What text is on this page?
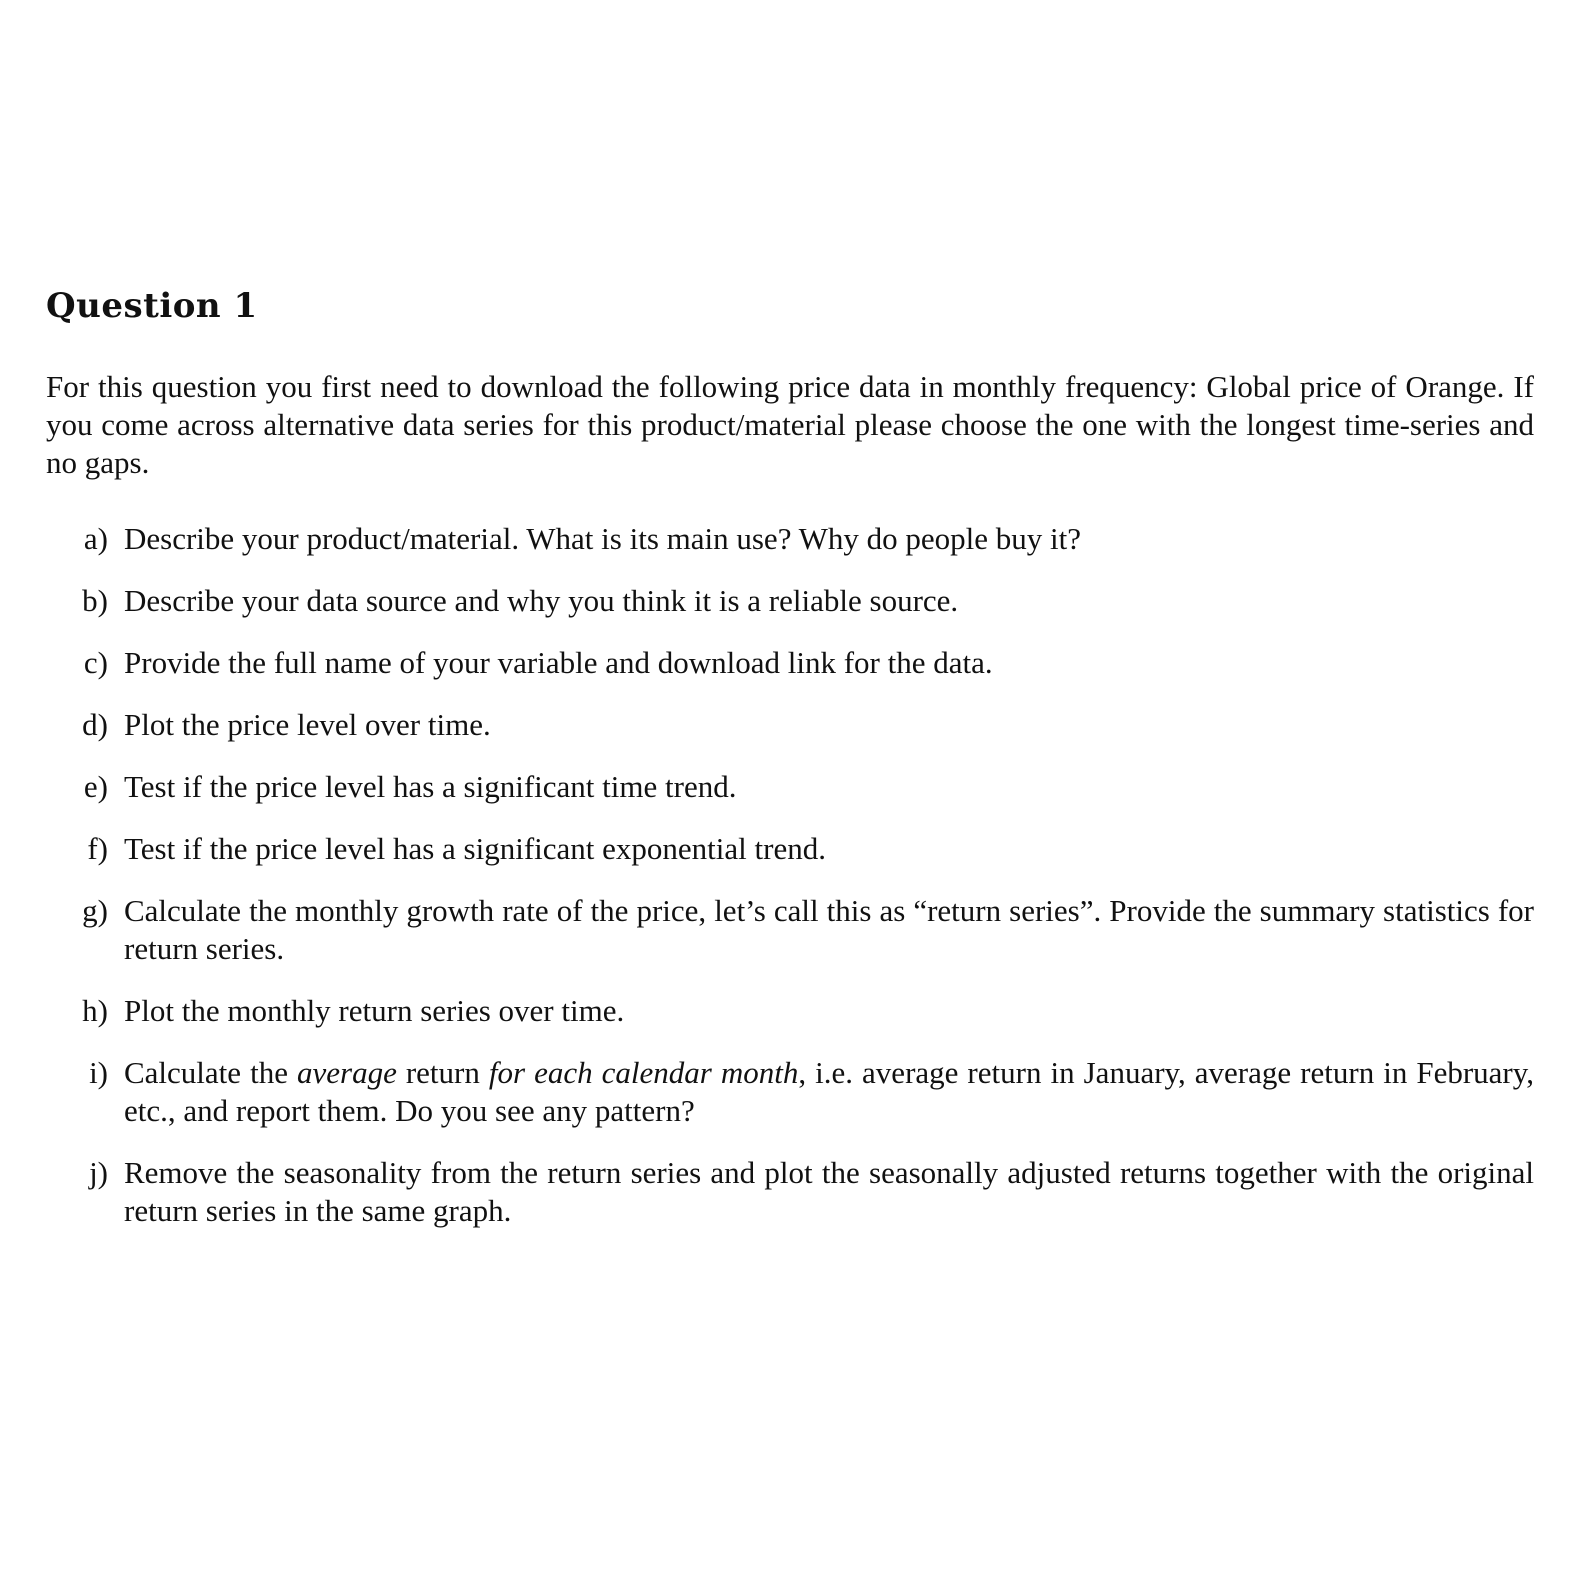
Question 1

For this question you first need to download the following price data in monthly frequency: Global price of Orange. If you come across alternative data series for this product/material please choose the one with the longest time-series and no gaps.

a) Describe your product/material. What is its main use? Why do people buy it?
b) Describe your data source and why you think it is a reliable source.
c) Provide the full name of your variable and download link for the data.
d) Plot the price level over time.
e) Test if the price level has a significant time trend.
f) Test if the price level has a significant exponential trend.
g) Calculate the monthly growth rate of the price, let’s call this as “return series”. Provide the summary statistics for return series.
h) Plot the monthly return series over time.
i) Calculate the average return for each calendar month, i.e. average return in January, average return in February, etc., and report them. Do you see any pattern?
j) Remove the seasonality from the return series and plot the seasonally adjusted returns together with the original return series in the same graph.
